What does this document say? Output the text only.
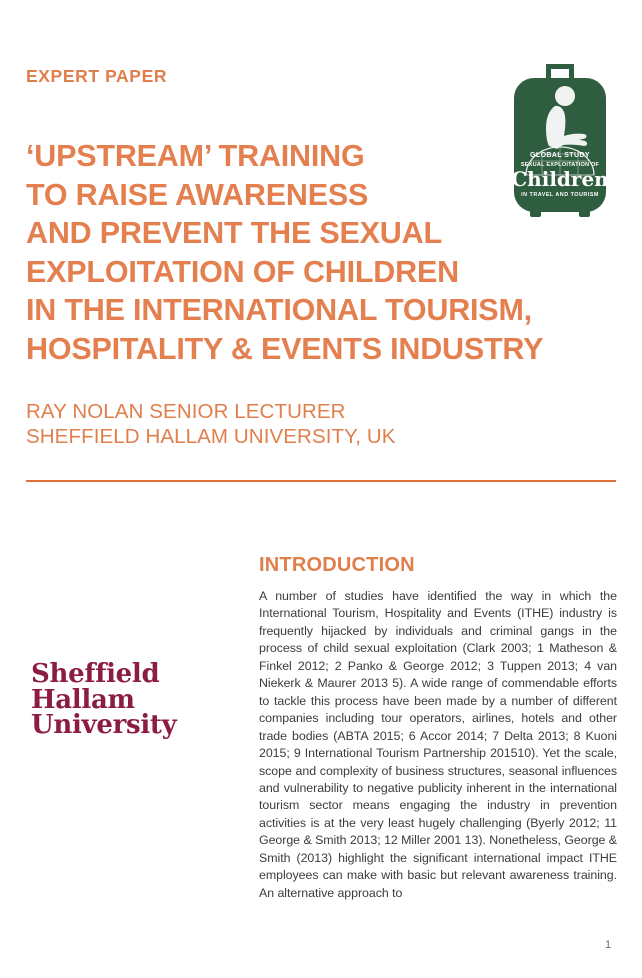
EXPERT PAPER
‘UPSTREAM’ TRAINING
TO RAISE AWARENESS
AND PREVENT THE SEXUAL
EXPLOITATION OF CHILDREN
IN THE INTERNATIONAL TOURISM,
HOSPITALITY & EVENTS INDUSTRY
RAY NOLAN SENIOR LECTURER
SHEFFIELD HALLAM UNIVERSITY, UK
INTRODUCTION

A number of studies have identified the way in which the International Tourism, Hospitality and Events (ITHE) industry is frequently hijacked by individuals and criminal gangs in the process of child sexual exploitation (Clark 2003; 1 Matheson & Finkel 2012; 2 Panko & George 2012; 3 Tuppen 2013; 4 van Niekerk & Maurer 2013 5). A wide range of commendable efforts to tackle this process have been made by a number of different companies including tour operators, airlines, hotels and other trade bodies (ABTA 2015; 6 Accor 2014; 7 Delta 2013; 8 Kuoni 2015; 9 International Tourism Partnership 201510). Yet the scale, scope and complexity of business structures, seasonal influences and vulnerability to negative publicity inherent in the international tourism sector means engaging the industry in prevention activities is at the very least hugely challenging (Byerly 2012; 11 George & Smith 2013; 12 Miller 2001 13). Nonetheless, George & Smith (2013) highlight the significant international impact ITHE employees can make with basic but relevant awareness training. An alternative approach to

Sheffield
Hallam
University
GLOBAL STUDY
SEXUAL EXPLOITATION OF
Children
IN TRAVEL AND TOURISM
1
